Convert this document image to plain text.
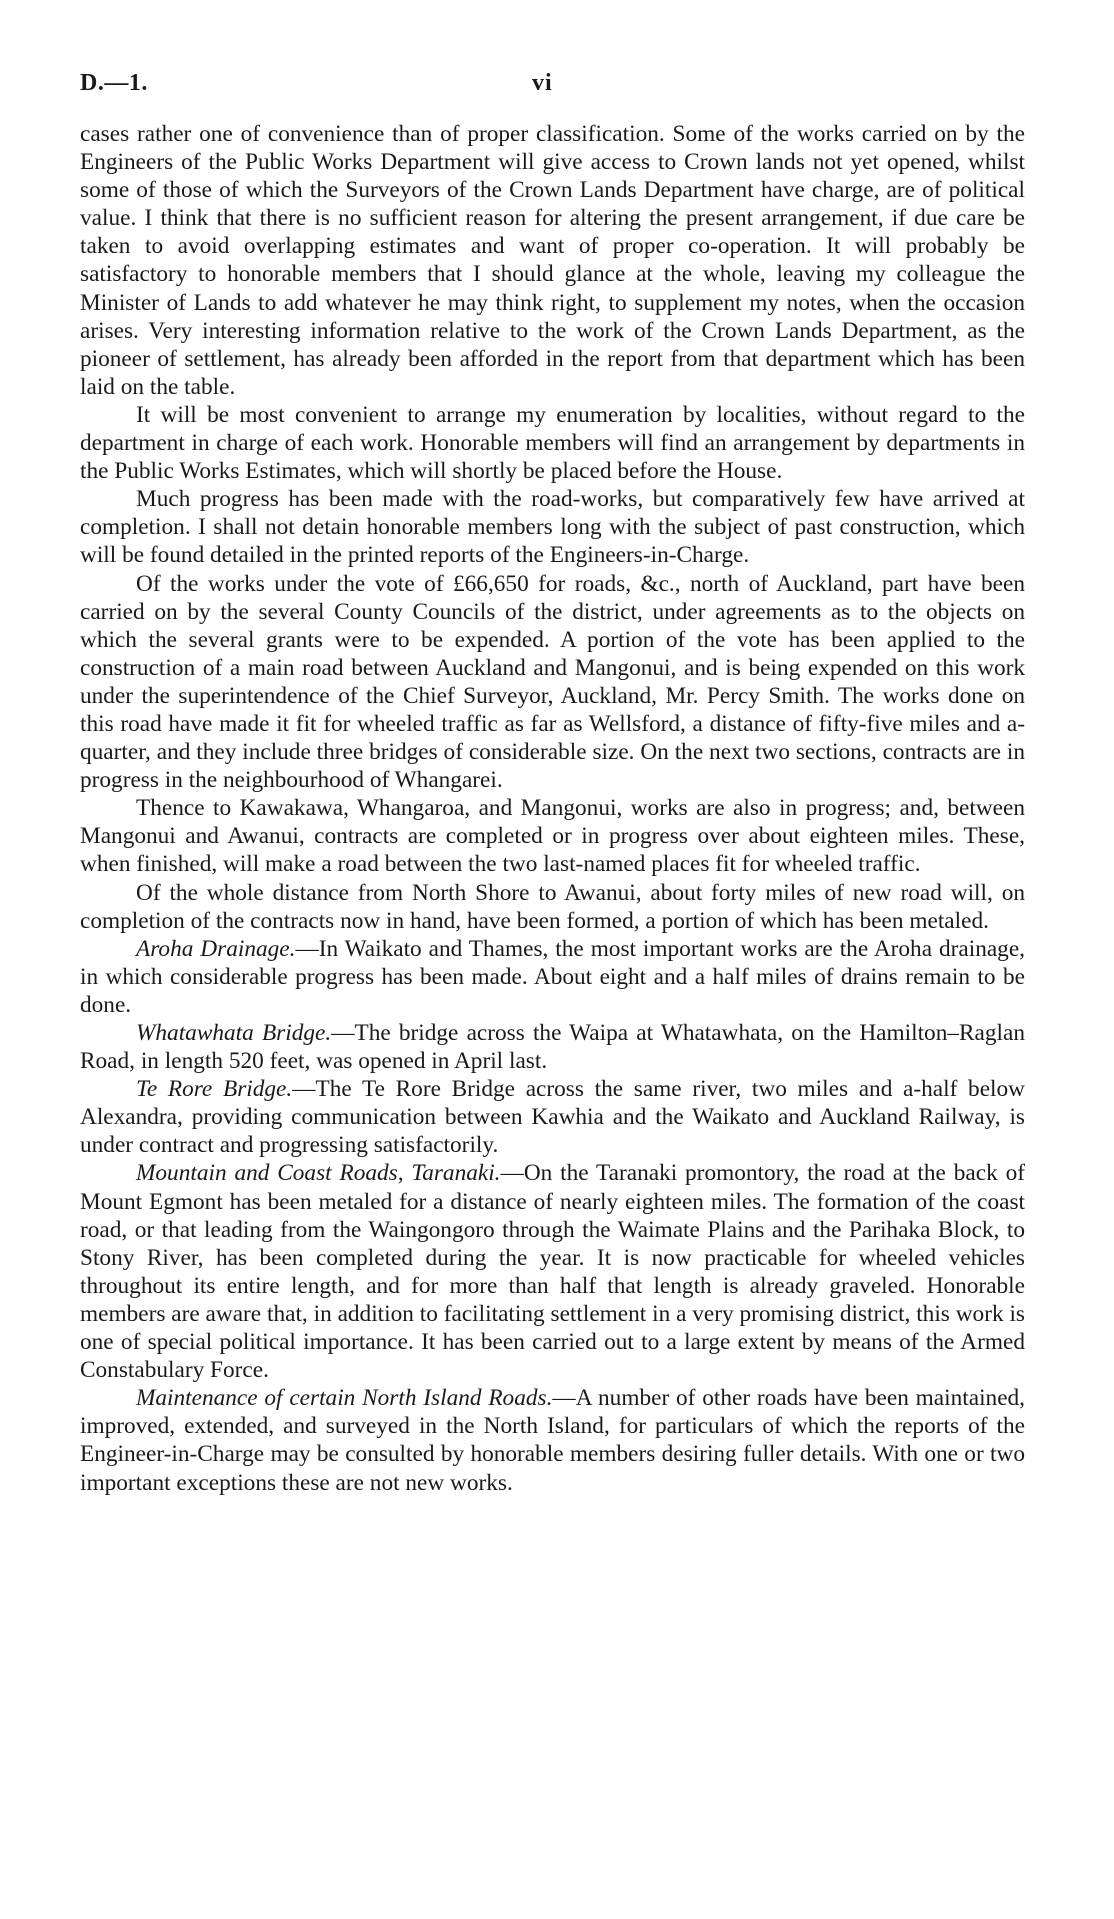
D.—1.	vi

cases rather one of convenience than of proper classification. Some of the works carried on by the Engineers of the Public Works Department will give access to Crown lands not yet opened, whilst some of those of which the Surveyors of the Crown Lands Department have charge, are of political value. I think that there is no sufficient reason for altering the present arrangement, if due care be taken to avoid overlapping estimates and want of proper co-operation. It will probably be satisfactory to honorable members that I should glance at the whole, leaving my colleague the Minister of Lands to add whatever he may think right, to supplement my notes, when the occasion arises. Very interesting information relative to the work of the Crown Lands Department, as the pioneer of settlement, has already been afforded in the report from that department which has been laid on the table.

It will be most convenient to arrange my enumeration by localities, without regard to the department in charge of each work. Honorable members will find an arrangement by departments in the Public Works Estimates, which will shortly be placed before the House.

Much progress has been made with the road-works, but comparatively few have arrived at completion. I shall not detain honorable members long with the subject of past construction, which will be found detailed in the printed reports of the Engineers-in-Charge.

Of the works under the vote of £66,650 for roads, &c., north of Auckland, part have been carried on by the several County Councils of the district, under agreements as to the objects on which the several grants were to be expended. A portion of the vote has been applied to the construction of a main road between Auckland and Mangonui, and is being expended on this work under the superintendence of the Chief Surveyor, Auckland, Mr. Percy Smith. The works done on this road have made it fit for wheeled traffic as far as Wellsford, a distance of fifty-five miles and a-quarter, and they include three bridges of considerable size. On the next two sections, contracts are in progress in the neighbourhood of Whangarei.

Thence to Kawakawa, Whangaroa, and Mangonui, works are also in progress; and, between Mangonui and Awanui, contracts are completed or in progress over about eighteen miles. These, when finished, will make a road between the two last-named places fit for wheeled traffic.

Of the whole distance from North Shore to Awanui, about forty miles of new road will, on completion of the contracts now in hand, have been formed, a portion of which has been metaled.

Aroha Drainage.—In Waikato and Thames, the most important works are the Aroha drainage, in which considerable progress has been made. About eight and a half miles of drains remain to be done.

Whatawhata Bridge.—The bridge across the Waipa at Whatawhata, on the Hamilton–Raglan Road, in length 520 feet, was opened in April last.

Te Rore Bridge.—The Te Rore Bridge across the same river, two miles and a-half below Alexandra, providing communication between Kawhia and the Waikato and Auckland Railway, is under contract and progressing satisfactorily.

Mountain and Coast Roads, Taranaki.—On the Taranaki promontory, the road at the back of Mount Egmont has been metaled for a distance of nearly eighteen miles. The formation of the coast road, or that leading from the Waingongoro through the Waimate Plains and the Parihaka Block, to Stony River, has been completed during the year. It is now practicable for wheeled vehicles throughout its entire length, and for more than half that length is already graveled. Honorable members are aware that, in addition to facilitating settlement in a very promising district, this work is one of special political importance. It has been carried out to a large extent by means of the Armed Constabulary Force.

Maintenance of certain North Island Roads.—A number of other roads have been maintained, improved, extended, and surveyed in the North Island, for particulars of which the reports of the Engineer-in-Charge may be consulted by honorable members desiring fuller details. With one or two important exceptions these are not new works.
